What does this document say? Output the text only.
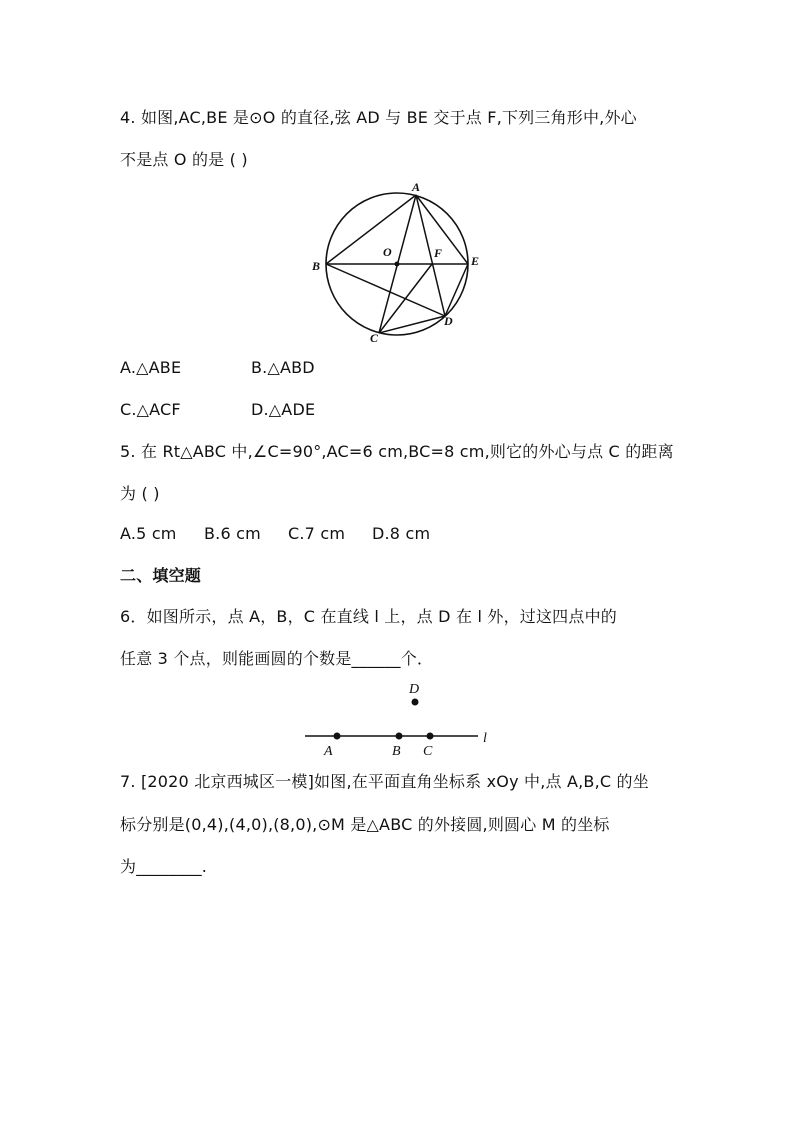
4. 如图,AC,BE 是⊙O 的直径,弦 AD 与 BE 交于点 F,下列三角形中,外心
不是点 O 的是 ( )
A
B
C
D
E
F
O
A.△ABE	B.△ABD
C.△ACF	D.△ADE
5. 在 Rt△ABC 中,∠C=90°,AC=6 cm,BC=8 cm,则它的外心与点 C 的距离
为 ( )
A.5 cm B.6 cm C.7 cm D.8 cm
二、填空题
6．如图所示，点 A，B，C 在直线 l 上，点 D 在 l 外，过这四点中的
任意 3 个点，则能画圆的个数是______个．
A	B C
D
l
7. [2020 北京西城区一模]如图,在平面直角坐标系 xOy 中,点 A,B,C 的坐
标分别是(0,4),(4,0),(8,0),⊙M 是△ABC 的外接圆,则圆心 M 的坐标
为________.
